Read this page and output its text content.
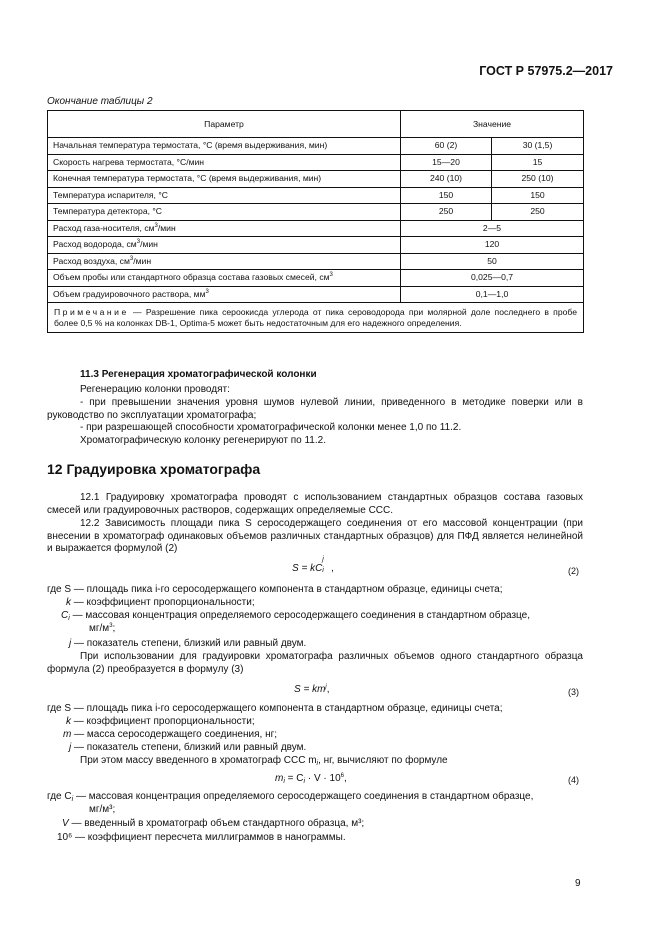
ГОСТ Р 57975.2—2017
Окончание таблицы 2
Параметр	Значение	
Начальная температура термостата, °С (время выдерживания, мин)	60 (2)	30 (1,5)
Скорость нагрева термостата, °С/мин	15—20	15
Конечная температура термостата, °С (время выдерживания, мин)	240 (10)	250 (10)
Температура испарителя, °С	150	150
Температура детектора, °С	250	250
Расход газа-носителя, $см^3$/мин	2—5	
Расход водорода, $см^3$/мин	120	
Расход воздуха, $см^3$/мин	50	
Объем пробы или стандартного образца состава газовых смесей, $см^3$	0,025—0,7	
Объем градуировочного раствора, $мм^3$	0,1—1,0	
Примечание — Разрешение пика сероокисда углерода от пика сероводорода при молярной доле последнего в пробе более 0,5 % на колонках DB-1, Optima-5 может быть недостаточным для его надежного определения.		
11.3 Регенерация хроматографической колонки
Регенерацию колонки проводят:
- при превышении значения уровня шумов нулевой линии, приведенного в методике поверки или в руководство по эксплуатации хроматографа;
- при разрешающей способности хроматографической колонки менее 1,0 по 11.2.
Хроматографическую колонку регенерируют по 11.2.
12 Градуировка хроматографа
12.1 Градуировку хроматографа проводят с использованием стандартных образцов состава газовых смесей или градуировочных растворов, содержащих определяемые ССС.
12.2 Зависимость площади пика S серосодержащего соединения от его массовой концентрации (при внесении в хроматограф одинаковых объемов различных стандартных образцов) для ПФД является нелинейной и выражается формулой (2)
S = kC
j
i ,	(2)
где S — площадь пика i-го серосодержащего компонента в стандартном образце, единицы счета;
k — коэффициент пропорциональности;
$C_i$ — массовая концентрация определяемого серосодержащего соединения в стандартном образце,
$мг/м^3$;
j — показатель степени, близкий или равный двум.
При использовании для градуировки хроматографа различных объемов одного стандартного образца формула (2) преобразуется в формулу (3)
$S = km^j$,	(3)
где S — площадь пика i-го серосодержащего компонента в стандартном образце, единицы счета;
k — коэффициент пропорциональности;
m — масса серосодержащего соединения, нг;
j — показатель степени, близкий или равный двум.
При этом массу введенного в хроматограф ССС $m_i$, нг, вычисляют по формуле
$m_i = C_i \cdot V \cdot 10^6$,	(4)
где $C_i$ — массовая концентрация определяемого серосодержащего соединения в стандартном образце,
мг/м³;
V — введенный в хроматограф объем стандартного образца, м³;
10⁶ — коэффициент пересчета миллиграммов в нанограммы.
9
